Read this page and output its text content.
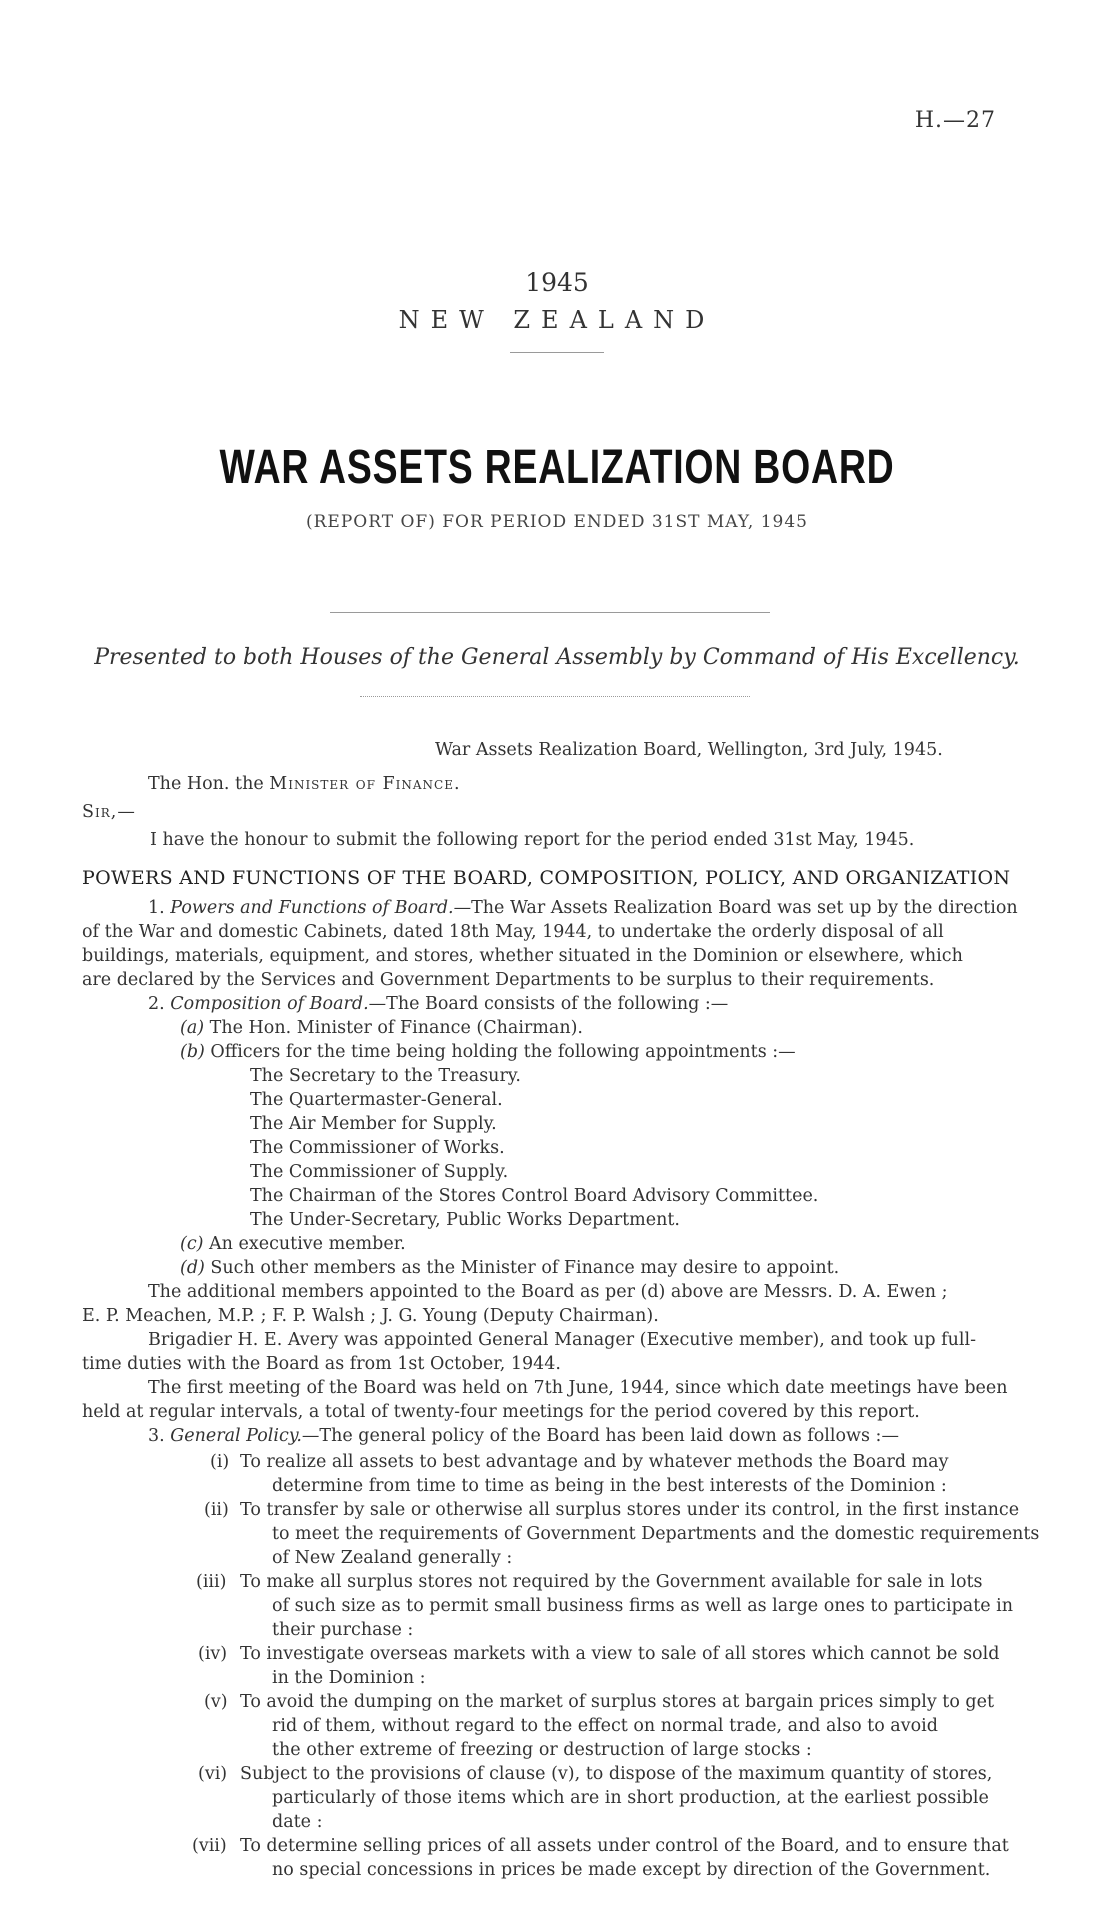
H.—27
1945
NEW ZEALAND
WAR ASSETS REALIZATION BOARD
(REPORT OF) FOR PERIOD ENDED 31ST MAY, 1945
Presented to both Houses of the General Assembly by Command of His Excellency.
War Assets Realization Board, Wellington, 3rd July, 1945.
The Hon. the Minister of Finance.
Sir,—
I have the honour to submit the following report for the period ended 31st May, 1945.
POWERS AND FUNCTIONS OF THE BOARD, COMPOSITION, POLICY, AND ORGANIZATION
1. Powers and Functions of Board.—The War Assets Realization Board was set up by the direction
of the War and domestic Cabinets, dated 18th May, 1944, to undertake the orderly disposal of all
buildings, materials, equipment, and stores, whether situated in the Dominion or elsewhere, which
are declared by the Services and Government Departments to be surplus to their requirements.
2. Composition of Board.—The Board consists of the following :—
(a) The Hon. Minister of Finance (Chairman).
(b) Officers for the time being holding the following appointments :—
The Secretary to the Treasury.
The Quartermaster-General.
The Air Member for Supply.
The Commissioner of Works.
The Commissioner of Supply.
The Chairman of the Stores Control Board Advisory Committee.
The Under-Secretary, Public Works Department.
(c) An executive member.
(d) Such other members as the Minister of Finance may desire to appoint.
The additional members appointed to the Board as per (d) above are Messrs. D. A. Ewen ;
E. P. Meachen, M.P. ; F. P. Walsh ; J. G. Young (Deputy Chairman).
Brigadier H. E. Avery was appointed General Manager (Executive member), and took up full-
time duties with the Board as from 1st October, 1944.
The first meeting of the Board was held on 7th June, 1944, since which date meetings have been
held at regular intervals, a total of twenty-four meetings for the period covered by this report.
3. General Policy.—The general policy of the Board has been laid down as follows :—
(i) To realize all assets to best advantage and by whatever methods the Board may
determine from time to time as being in the best interests of the Dominion :
(ii) To transfer by sale or otherwise all surplus stores under its control, in the first instance
to meet the requirements of Government Departments and the domestic requirements
of New Zealand generally :
(iii) To make all surplus stores not required by the Government available for sale in lots
of such size as to permit small business firms as well as large ones to participate in
their purchase :
(iv) To investigate overseas markets with a view to sale of all stores which cannot be sold
in the Dominion :
(v) To avoid the dumping on the market of surplus stores at bargain prices simply to get
rid of them, without regard to the effect on normal trade, and also to avoid
the other extreme of freezing or destruction of large stocks :
(vi) Subject to the provisions of clause (v), to dispose of the maximum quantity of stores,
particularly of those items which are in short production, at the earliest possible
date :
(vii) To determine selling prices of all assets under control of the Board, and to ensure that
no special concessions in prices be made except by direction of the Government.
